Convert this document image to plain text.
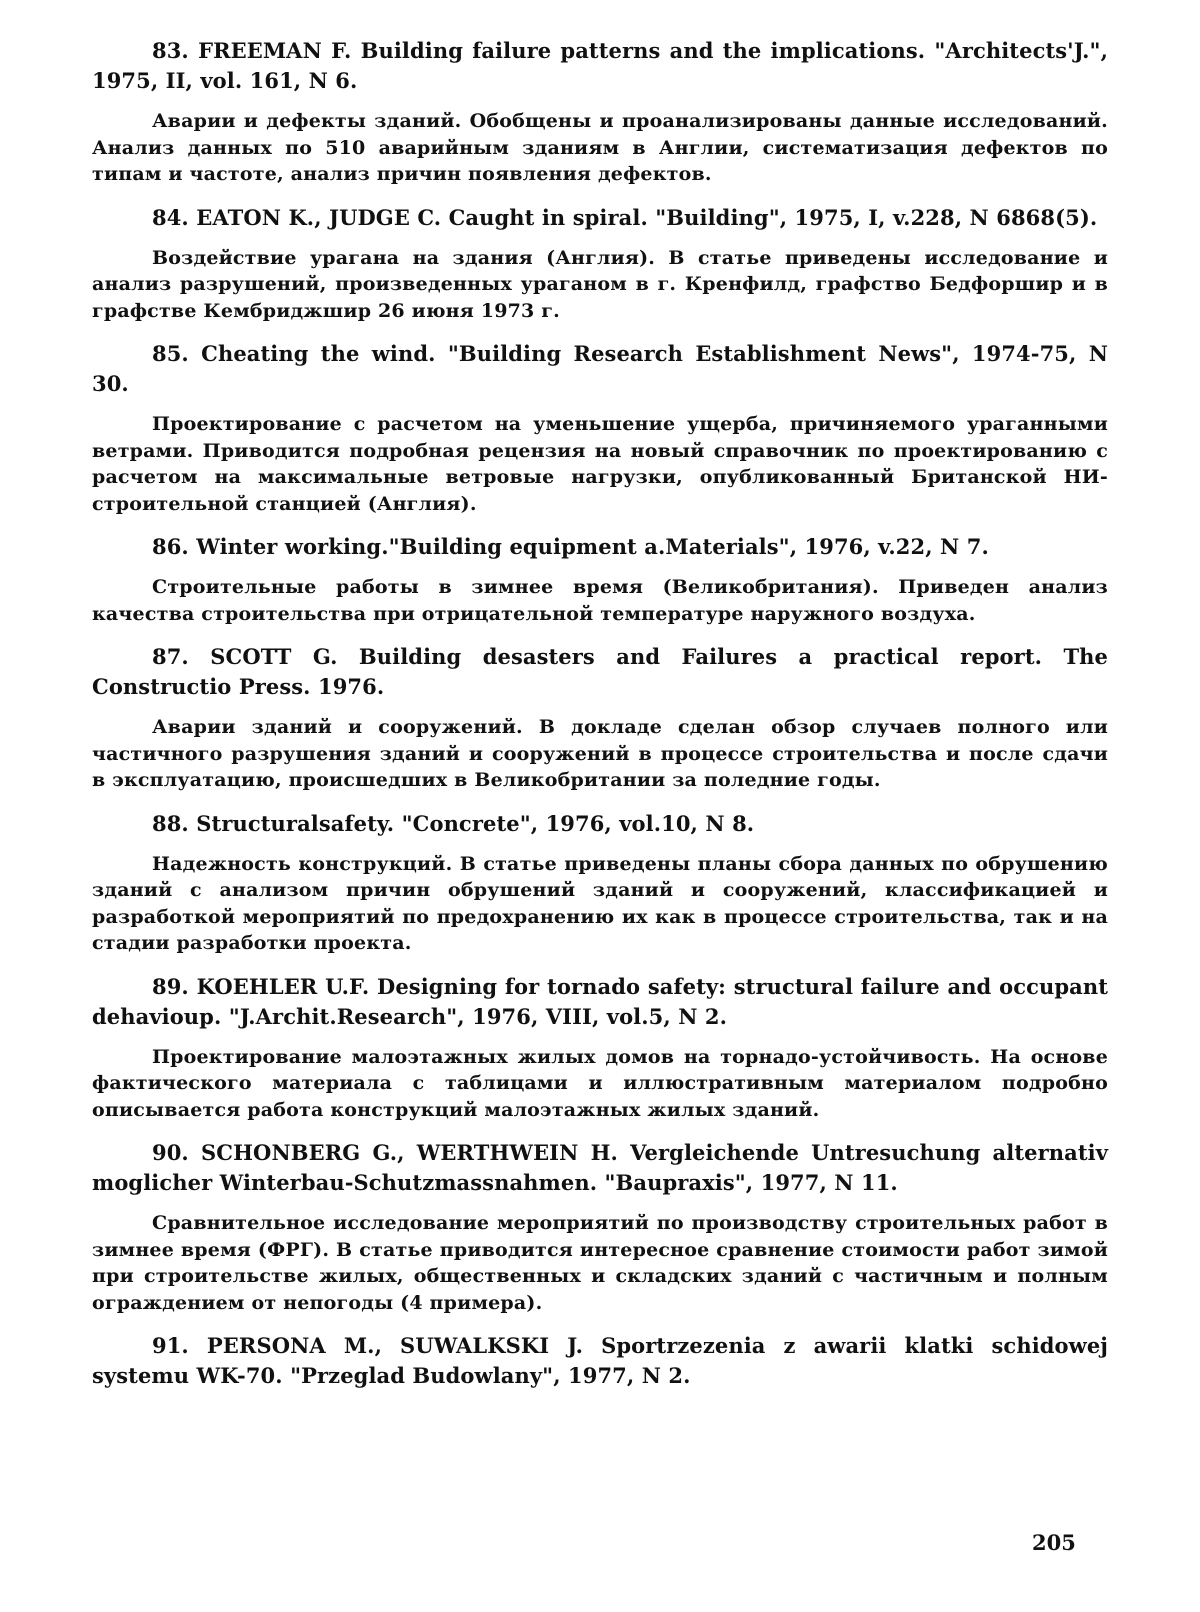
83. FREEMAN F. Building failure patterns and the implications. "Architects'J.", 1975, II, vol. 161, N 6.

Аварии и дефекты зданий. Обобщены и проанализированы данные исследований. Анализ данных по 510 аварийным зданиям в Англии, систематизация дефектов по типам и частоте, анализ причин появления дефектов.

84. EATON K., JUDGE C. Caught in spiral. "Building", 1975, I, v.228, N 6868(5).

Воздействие урагана на здания (Англия). В статье приведены исследование и анализ разрушений, произведенных ураганом в г. Кренфилд, графство Бедфоршир и в графстве Кембриджшир 26 июня 1973 г.

85. Cheating the wind. "Building Research Establishment News", 1974-75, N 30.

Проектирование с расчетом на уменьшение ущерба, причиняемого ураганными ветрами. Приводится подробная рецензия на новый справочник по проектированию с расчетом на максимальные ветровые нагрузки, опубликованный Британской НИ-строительной станцией (Англия).

86. Winter working."Building equipment a.Materials", 1976, v.22, N 7.

Строительные работы в зимнее время (Великобритания). Приведен анализ качества строительства при отрицательной температуре наружного воздуха.

87. SCOTT G. Building desasters and Failures a practical report. The Constructio Press. 1976.

Аварии зданий и сооружений. В докладе сделан обзор случаев полного или частичного разрушения зданий и сооружений в процессе строительства и после сдачи в эксплуатацию, происшедших в Великобритании за поледние годы.

88. Structuralsafety. "Concrete", 1976, vol.10, N 8.

Надежность конструкций. В статье приведены планы сбора данных по обрушению зданий с анализом причин обрушений зданий и сооружений, классификацией и разработкой мероприятий по предохранению их как в процессе строительства, так и на стадии разработки проекта.

89. KOEHLER U.F. Designing for tornado safety: structural failure and occupant dehavioup. "J.Archit.Research", 1976, VIII, vol.5, N 2.

Проектирование малоэтажных жилых домов на торнадо-устойчивость. На основе фактического материала с таблицами и иллюстративным материалом подробно описывается работа конструкций малоэтажных жилых зданий.

90. SCHONBERG G., WERTHWEIN H. Vergleichende Untresuchung alternativ moglicher Winterbau-Schutzmassnahmen. "Baupraxis", 1977, N 11.

Сравнительное исследование мероприятий по производству строительных работ в зимнее время (ФРГ). В статье приводится интересное сравнение стоимости работ зимой при строительстве жилых, общественных и складских зданий с частичным и полным ограждением от непогоды (4 примера).

91. PERSONA M., SUWALKSKI J. Sportrzezenia z awarii klatki schidowej systemu WK-70. "Przeglad Budowlany", 1977, N 2.

205
